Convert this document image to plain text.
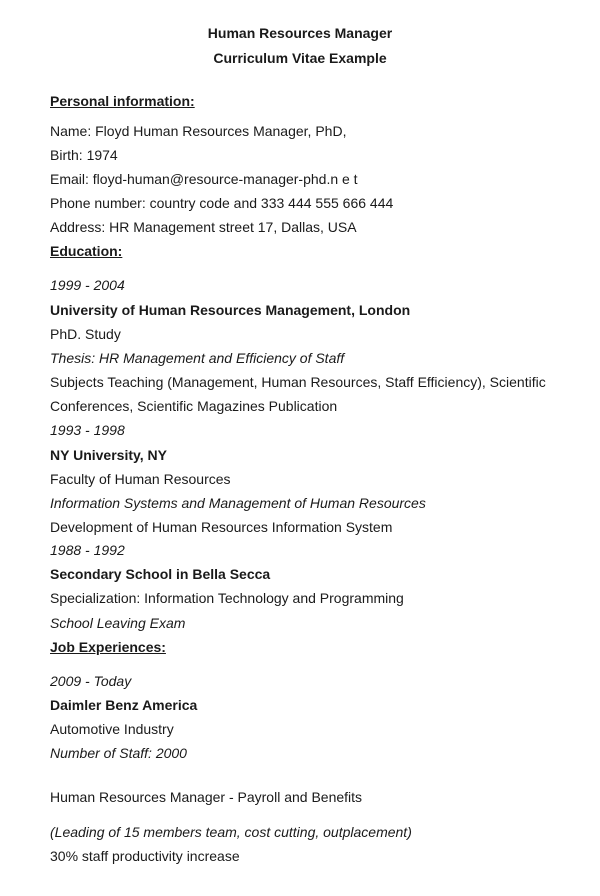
Human Resources Manager
Curriculum Vitae Example
Personal information:
Name: Floyd Human Resources Manager, PhD,
Birth: 1974
Email: floyd-human@resource-manager-phd.n e t
Phone number: country code and 333 444 555 666 444
Address: HR Management street 17, Dallas, USA
Education:
1999 - 2004
University of Human Resources Management, London
PhD. Study
Thesis: HR Management and Efficiency of Staff
Subjects Teaching (Management, Human Resources, Staff Efficiency), Scientific
Conferences, Scientific Magazines Publication
1993 - 1998
NY University, NY
Faculty of Human Resources
Information Systems and Management of Human Resources
Development of Human Resources Information System
1988 - 1992
Secondary School in Bella Secca
Specialization: Information Technology and Programming
School Leaving Exam
Job Experiences:
2009 - Today
Daimler Benz America
Automotive Industry
Number of Staff: 2000
Human Resources Manager - Payroll and Benefits
(Leading of 15 members team, cost cutting, outplacement)
30% staff productivity increase
